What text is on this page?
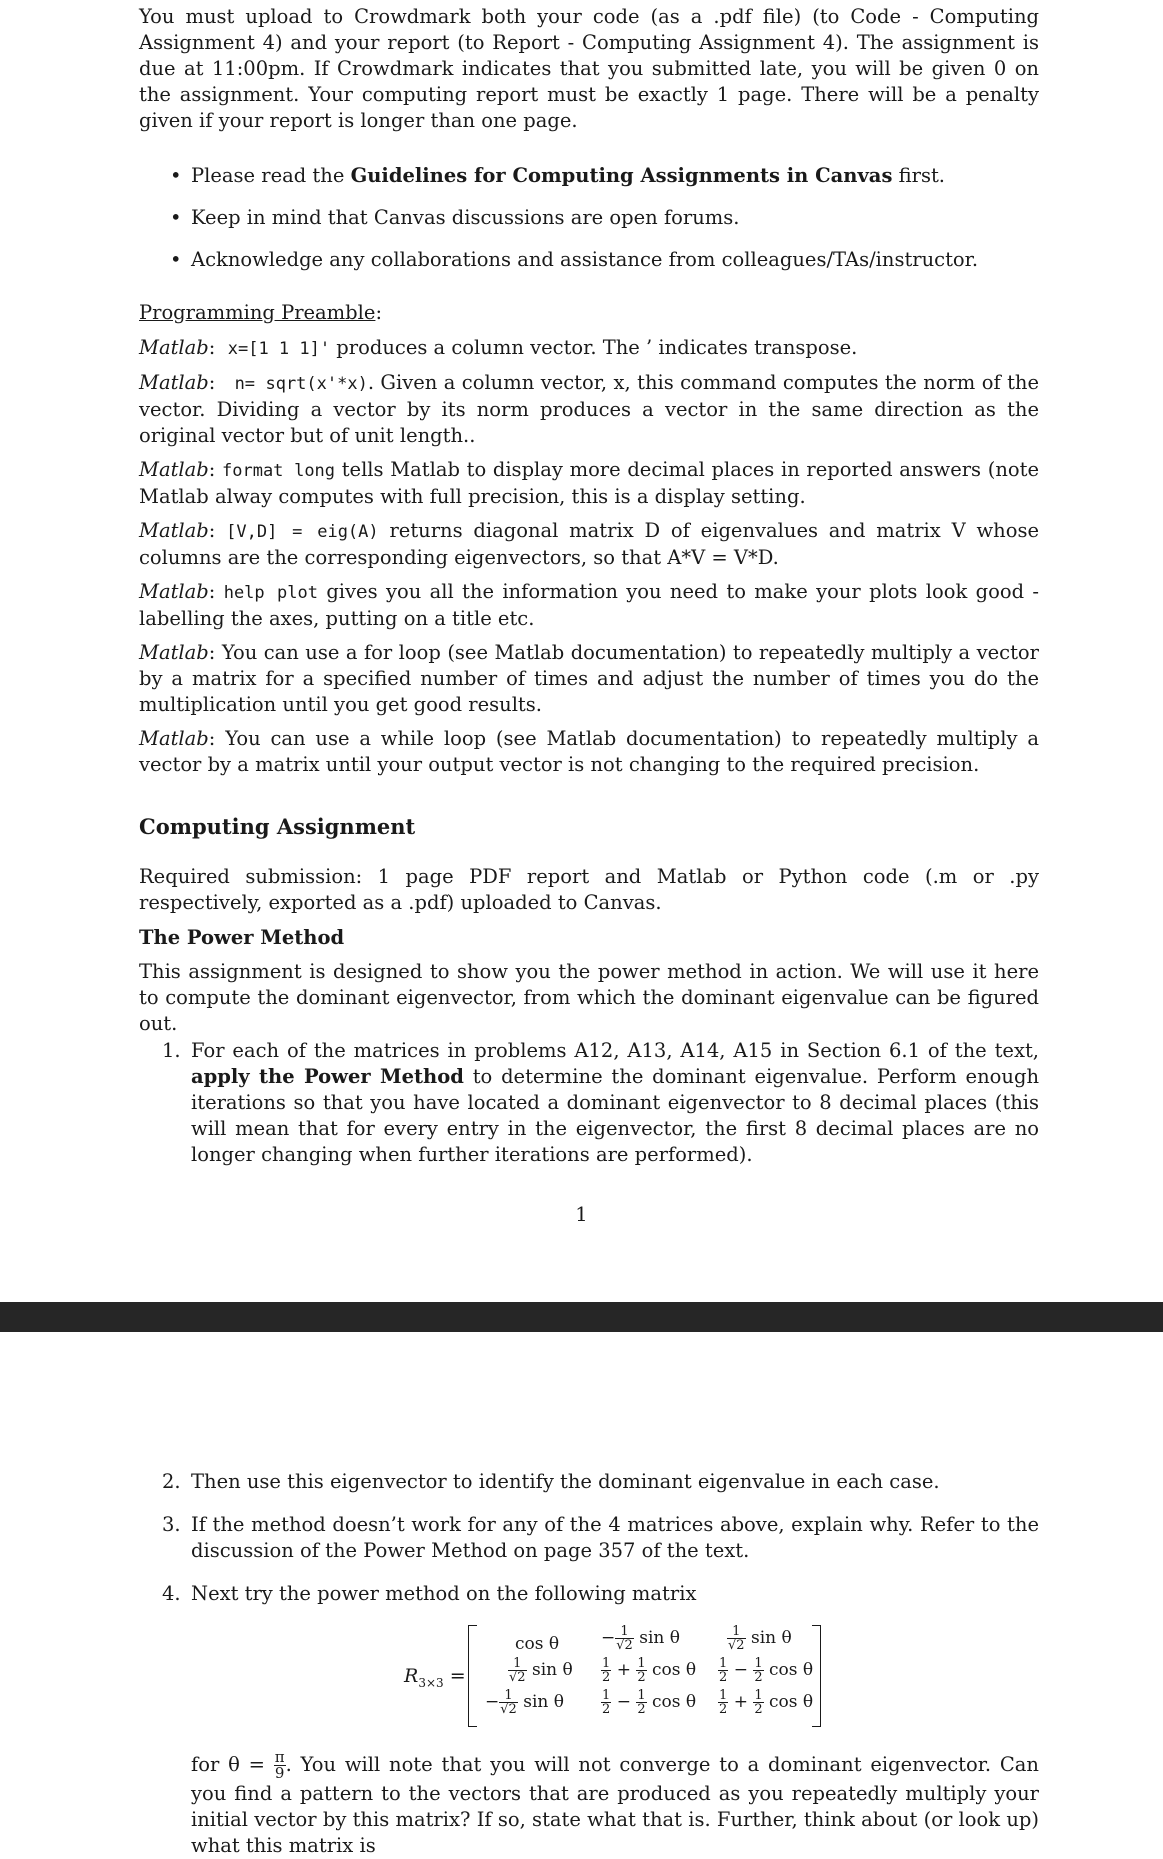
You must upload to Crowdmark both your code (as a .pdf file) (to Code - Computing Assignment 4) and your report (to Report - Computing Assignment 4). The assignment is due at 11:00pm. If Crowdmark indicates that you submitted late, you will be given 0 on the assignment. Your computing report must be exactly 1 page. There will be a penalty given if your report is longer than one page.

• Please read the Guidelines for Computing Assignments in Canvas first.
• Keep in mind that Canvas discussions are open forums.
• Acknowledge any collaborations and assistance from colleagues/TAs/instructor.

Programming Preamble:

Matlab:  x=[1 1 1]' produces a column vector. The ’ indicates transpose.

Matlab:   n= sqrt(x'*x). Given a column vector, x, this command computes the norm of the vector. Dividing a vector by its norm produces a vector in the same direction as the original vector but of unit length..

Matlab: format long tells Matlab to display more decimal places in reported answers (note Matlab alway computes with full precision, this is a display setting.

Matlab: [V,D] = eig(A) returns diagonal matrix D of eigenvalues and matrix V whose columns are the corresponding eigenvectors, so that A*V = V*D.

Matlab: help plot gives you all the information you need to make your plots look good - labelling the axes, putting on a title etc.

Matlab: You can use a for loop (see Matlab documentation) to repeatedly multiply a vector by a matrix for a specified number of times and adjust the number of times you do the multiplication until you get good results.

Matlab: You can use a while loop (see Matlab documentation) to repeatedly multiply a vector by a matrix until your output vector is not changing to the required precision.

Computing Assignment

Required submission: 1 page PDF report and Matlab or Python code (.m or .py respectively, exported as a .pdf) uploaded to Canvas.

The Power Method

This assignment is designed to show you the power method in action. We will use it here to compute the dominant eigenvector, from which the dominant eigenvalue can be figured out.

1. For each of the matrices in problems A12, A13, A14, A15 in Section 6.1 of the text, apply the Power Method to determine the dominant eigenvalue. Perform enough iterations so that you have located a dominant eigenvector to 8 decimal places (this will mean that for every entry in the eigenvector, the first 8 decimal places are no longer changing when further iterations are performed).

1
2. Then use this eigenvector to identify the dominant eigenvalue in each case.

3. If the method doesn’t work for any of the 4 matrices above, explain why. Refer to the discussion of the Power Method on page 357 of the text.

4. Next try the power method on the following matrix

$R_{3\times 3}$ =
$\cos \theta - \frac{1}{√2}$ sin θ	$\frac{1}{√2}$ sin θ
$\frac{1}{√2}$ sin θ $\frac{1}{2} + \frac{1}{2}$ cos θ $\frac{1}{2} - \frac{1}{2}$ cos θ
− $\frac{1}{√2}$ sin θ	$\frac{1}{2} - \frac{1}{2}$ cos θ $\frac{1}{2} + \frac{1}{2}$ cos θ

for $\theta = \frac{\pi}{9}$ . You will note that you will not converge to a dominant eigenvector. Can you find a pattern to the vectors that are produced as you repeatedly multiply your initial vector by this matrix? If so, state what that is. Further, think about (or look up) what this matrix is
